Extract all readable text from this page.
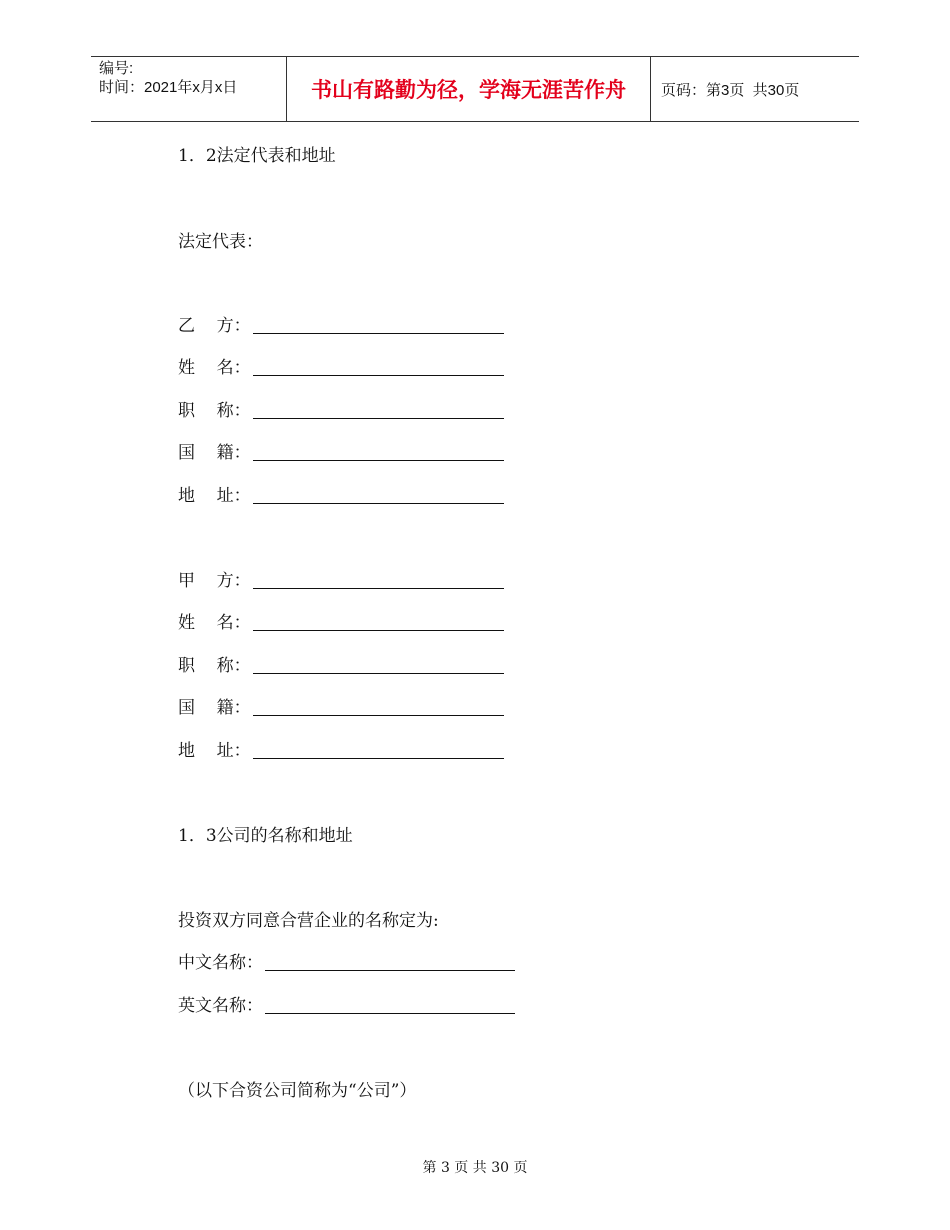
编号:
时间：2021年x月x日	书山有路勤为径，学海无涯苦作舟 页码：第3页  共30页
1．2法定代表和地址
法定代表：
乙    方：
姓    名：
职    称：
国    籍：
地    址：
甲    方：
姓    名：
职    称：
国    籍：
地    址：
1．3公司的名称和地址
投资双方同意合营企业的名称定为:
中文名称：
英文名称：
（以下合资公司简称为“公司”）
第 3 页 共 30 页
